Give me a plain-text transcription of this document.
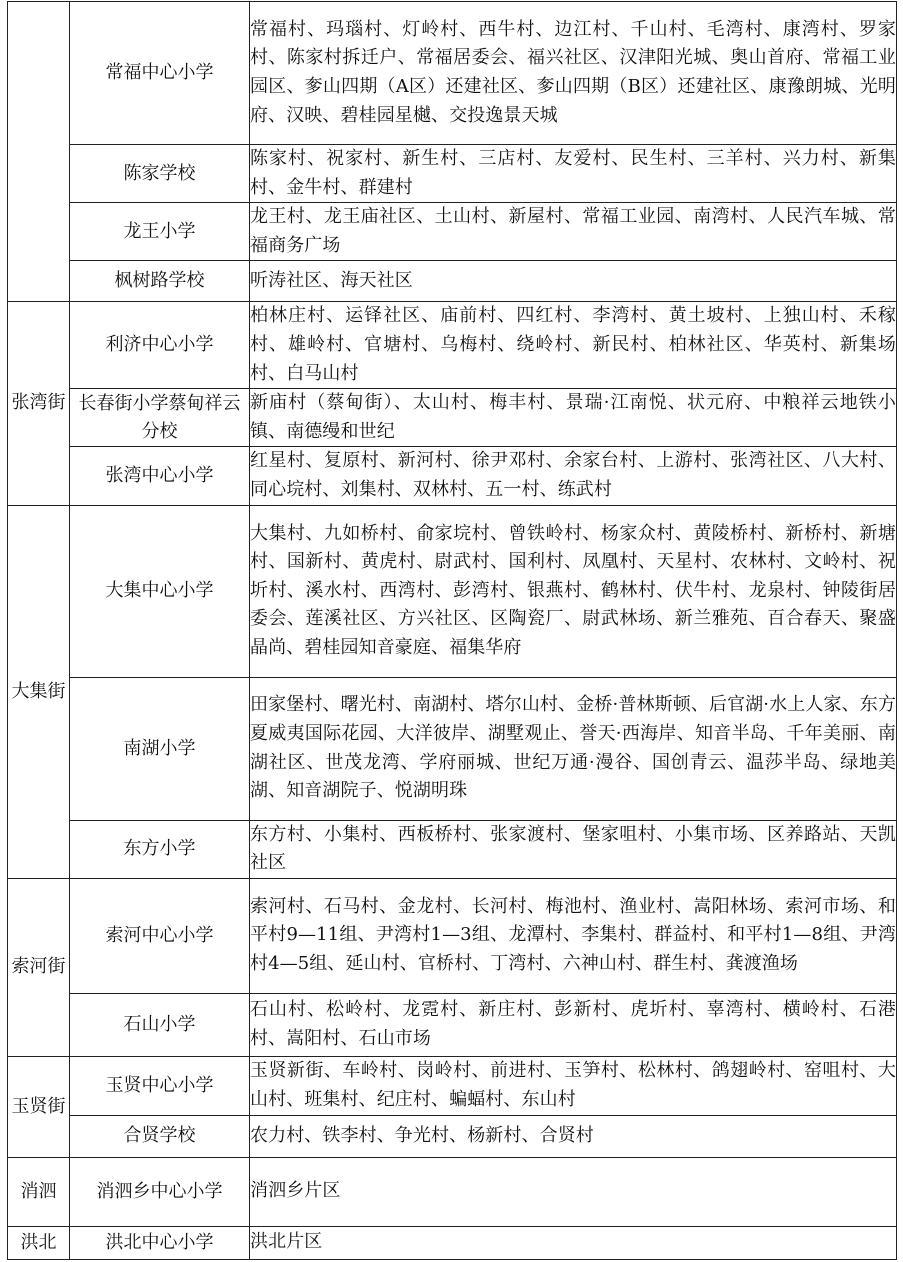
	常福中心小学	常福村、玛瑙村、灯岭村、西牛村、边江村、千山村、毛湾村、康湾村、罗家村、陈家村拆迁户、常福居委会、福兴社区、汉津阳光城、奥山首府、常福工业园区、奓山四期（A区）还建社区、奓山四期（B区）还建社区、康豫朗城、光明府、汉映、碧桂园星樾、交投逸景天城
	陈家学校	陈家村、祝家村、新生村、三店村、友爱村、民生村、三羊村、兴力村、新集村、金牛村、群建村
	龙王小学	龙王村、龙王庙社区、土山村、新屋村、常福工业园、南湾村、人民汽车城、常福商务广场
	枫树路学校	听涛社区、海天社区
张湾街	利济中心小学	柏林庄村、运铎社区、庙前村、四红村、李湾村、黄土坡村、上独山村、禾稼村、雄岭村、官塘村、乌梅村、绕岭村、新民村、柏林社区、华英村、新集场村、白马山村
	长春街小学蔡甸祥云分校	新庙村（蔡甸街）、太山村、梅丰村、景瑞·江南悦、状元府、中粮祥云地铁小镇、南德缦和世纪
	张湾中心小学	红星村、复原村、新河村、徐尹邓村、余家台村、上游村、张湾社区、八大村、同心垸村、刘集村、双林村、五一村、练武村
大集街	大集中心小学	大集村、九如桥村、俞家垸村、曾铁岭村、杨家众村、黄陵桥村、新桥村、新塘村、国新村、黄虎村、尉武村、国利村、凤凰村、天星村、农林村、文岭村、祝圻村、溪水村、西湾村、彭湾村、银燕村、鹤林村、伏牛村、龙泉村、钟陵街居委会、莲溪社区、方兴社区、区陶瓷厂、尉武林场、新兰雅苑、百合春天、聚盛晶尚、碧桂园知音豪庭、福集华府
	南湖小学	田家堡村、曙光村、南湖村、塔尔山村、金桥·普林斯顿、后官湖·水上人家、东方夏威夷国际花园、大洋彼岸、湖墅观止、誉天·西海岸、知音半岛、千年美丽、南湖社区、世茂龙湾、学府丽城、世纪万通·漫谷、国创青云、温莎半岛、绿地美湖、知音湖院子、悦湖明珠
	东方小学	东方村、小集村、西板桥村、张家渡村、堡家咀村、小集市场、区养路站、天凯社区
索河街	索河中心小学	索河村、石马村、金龙村、长河村、梅池村、渔业村、嵩阳林场、索河市场、和平村9—11组、尹湾村1—3组、龙潭村、李集村、群益村、和平村1—8组、尹湾村4—5组、延山村、官桥村、丁湾村、六神山村、群生村、龚渡渔场
	石山小学	石山村、松岭村、龙霓村、新庄村、彭新村、虎圻村、辜湾村、横岭村、石港村、嵩阳村、石山市场
玉贤街	玉贤中心小学	玉贤新街、车岭村、岗岭村、前进村、玉笋村、松林村、鸽翅岭村、窑咀村、大山村、班集村、纪庄村、蝙蝠村、东山村
	合贤学校	农力村、铁李村、争光村、杨新村、合贤村
消泗	消泗乡中心小学	消泗乡片区
洪北	洪北中心小学	洪北片区
